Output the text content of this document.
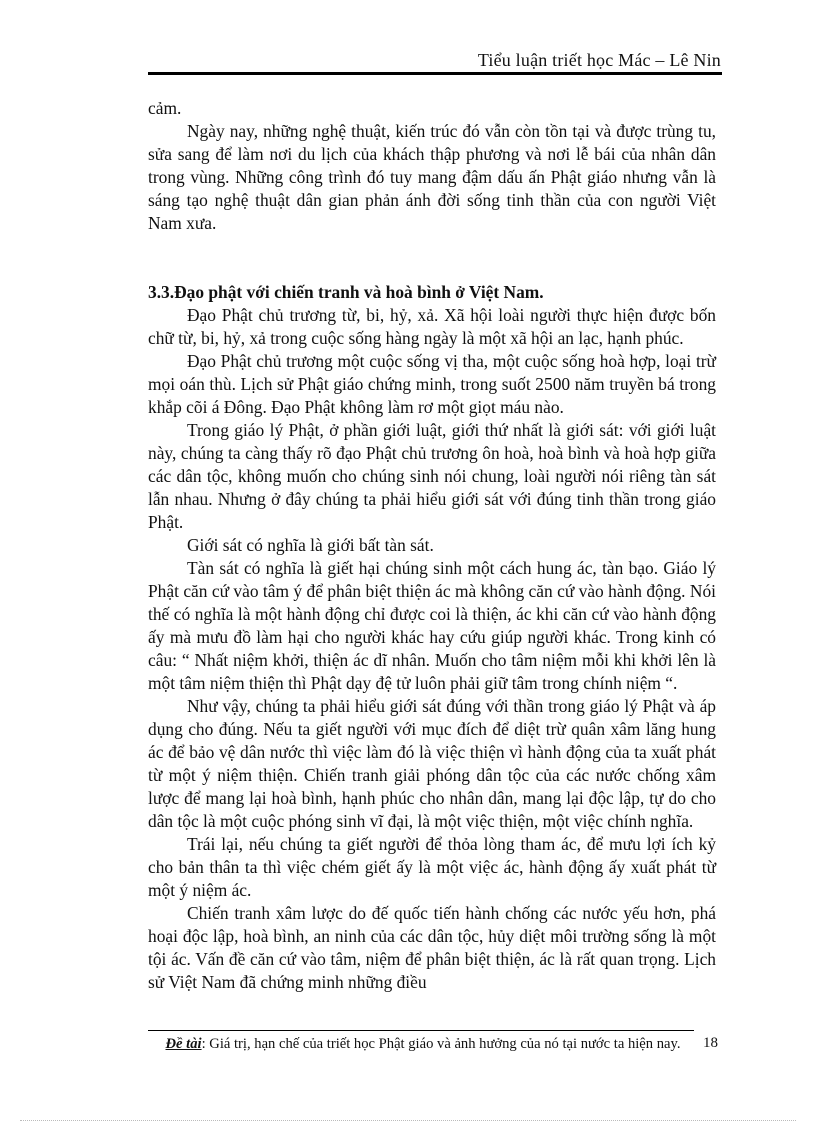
Tiểu luận triết học Mác – Lê Nin

cảm.

Ngày nay, những nghệ thuật, kiến trúc đó vẫn còn tồn tại và được trùng tu, sửa sang để làm nơi du lịch của khách thập phương và nơi lễ bái của nhân dân trong vùng. Những công trình đó tuy mang đậm dấu ấn Phật giáo nhưng vẫn là sáng tạo nghệ thuật dân gian phản ánh đời sống tinh thần của con người Việt Nam xưa.

3.3.Đạo phật với chiến tranh và hoà bình ở Việt Nam.

Đạo Phật chủ trương từ, bi, hỷ, xả. Xã hội loài người thực hiện được bốn chữ từ, bi, hỷ, xả trong cuộc sống hàng ngày là một xã hội an lạc, hạnh phúc.

Đạo Phật chủ trương một cuộc sống vị tha, một cuộc sống hoà hợp, loại trừ mọi oán thù. Lịch sử Phật giáo chứng minh, trong suốt 2500 năm truyền bá trong khắp cõi á Đông. Đạo Phật không làm rơ một giọt máu nào.

Trong giáo lý Phật, ở phần giới luật, giới thứ nhất là giới sát: với giới luật này, chúng ta càng thấy rõ đạo Phật chủ trương ôn hoà, hoà bình và hoà hợp giữa các dân tộc, không muốn cho chúng sinh nói chung, loài người nói riêng tàn sát lẫn nhau. Nhưng ở đây chúng ta phải hiểu giới sát với đúng tinh thần trong giáo Phật.

Giới sát có nghĩa là giới bất tàn sát.

Tàn sát có nghĩa là giết hại chúng sinh một cách hung ác, tàn bạo. Giáo lý Phật căn cứ vào tâm ý để phân biệt thiện ác mà không căn cứ vào hành động. Nói thế có nghĩa là một hành động chỉ được coi là thiện, ác khi căn cứ vào hành động ấy mà mưu đồ làm hại cho người khác hay cứu giúp người khác. Trong kinh có câu: “ Nhất niệm khởi, thiện ác dĩ nhân. Muốn cho tâm niệm mỗi khi khởi lên là một tâm niệm thiện thì Phật dạy đệ tử luôn phải giữ tâm trong chính niệm “.

Như vậy, chúng ta phải hiểu giới sát đúng với thần trong giáo lý Phật và áp dụng cho đúng. Nếu ta giết người với mục đích để diệt trừ quân xâm lăng hung ác để bảo vệ dân nước thì việc làm đó là việc thiện vì hành động của ta xuất phát từ một ý niệm thiện. Chiến tranh giải phóng dân tộc của các nước chống xâm lược để mang lại hoà bình, hạnh phúc cho nhân dân, mang lại độc lập, tự do cho dân tộc là một cuộc phóng sinh vĩ đại, là một việc thiện, một việc chính nghĩa.

Trái lại, nếu chúng ta giết người để thỏa lòng tham ác, để mưu lợi ích kỷ cho bản thân ta thì việc chém giết ấy là một việc ác, hành động ấy xuất phát từ một ý niệm ác.

Chiến tranh xâm lược do đế quốc tiến hành chống các nước yếu hơn, phá hoại độc lập, hoà bình, an ninh của các dân tộc, hủy diệt môi trường sống là một tội ác. Vấn đề căn cứ vào tâm, niệm để phân biệt thiện, ác là rất quan trọng. Lịch sử Việt Nam đã chứng minh những điều

Đề tài: Giá trị, hạn chế của triết học Phật giáo và ảnh hưởng của nó tại nước ta hiện nay.	18
